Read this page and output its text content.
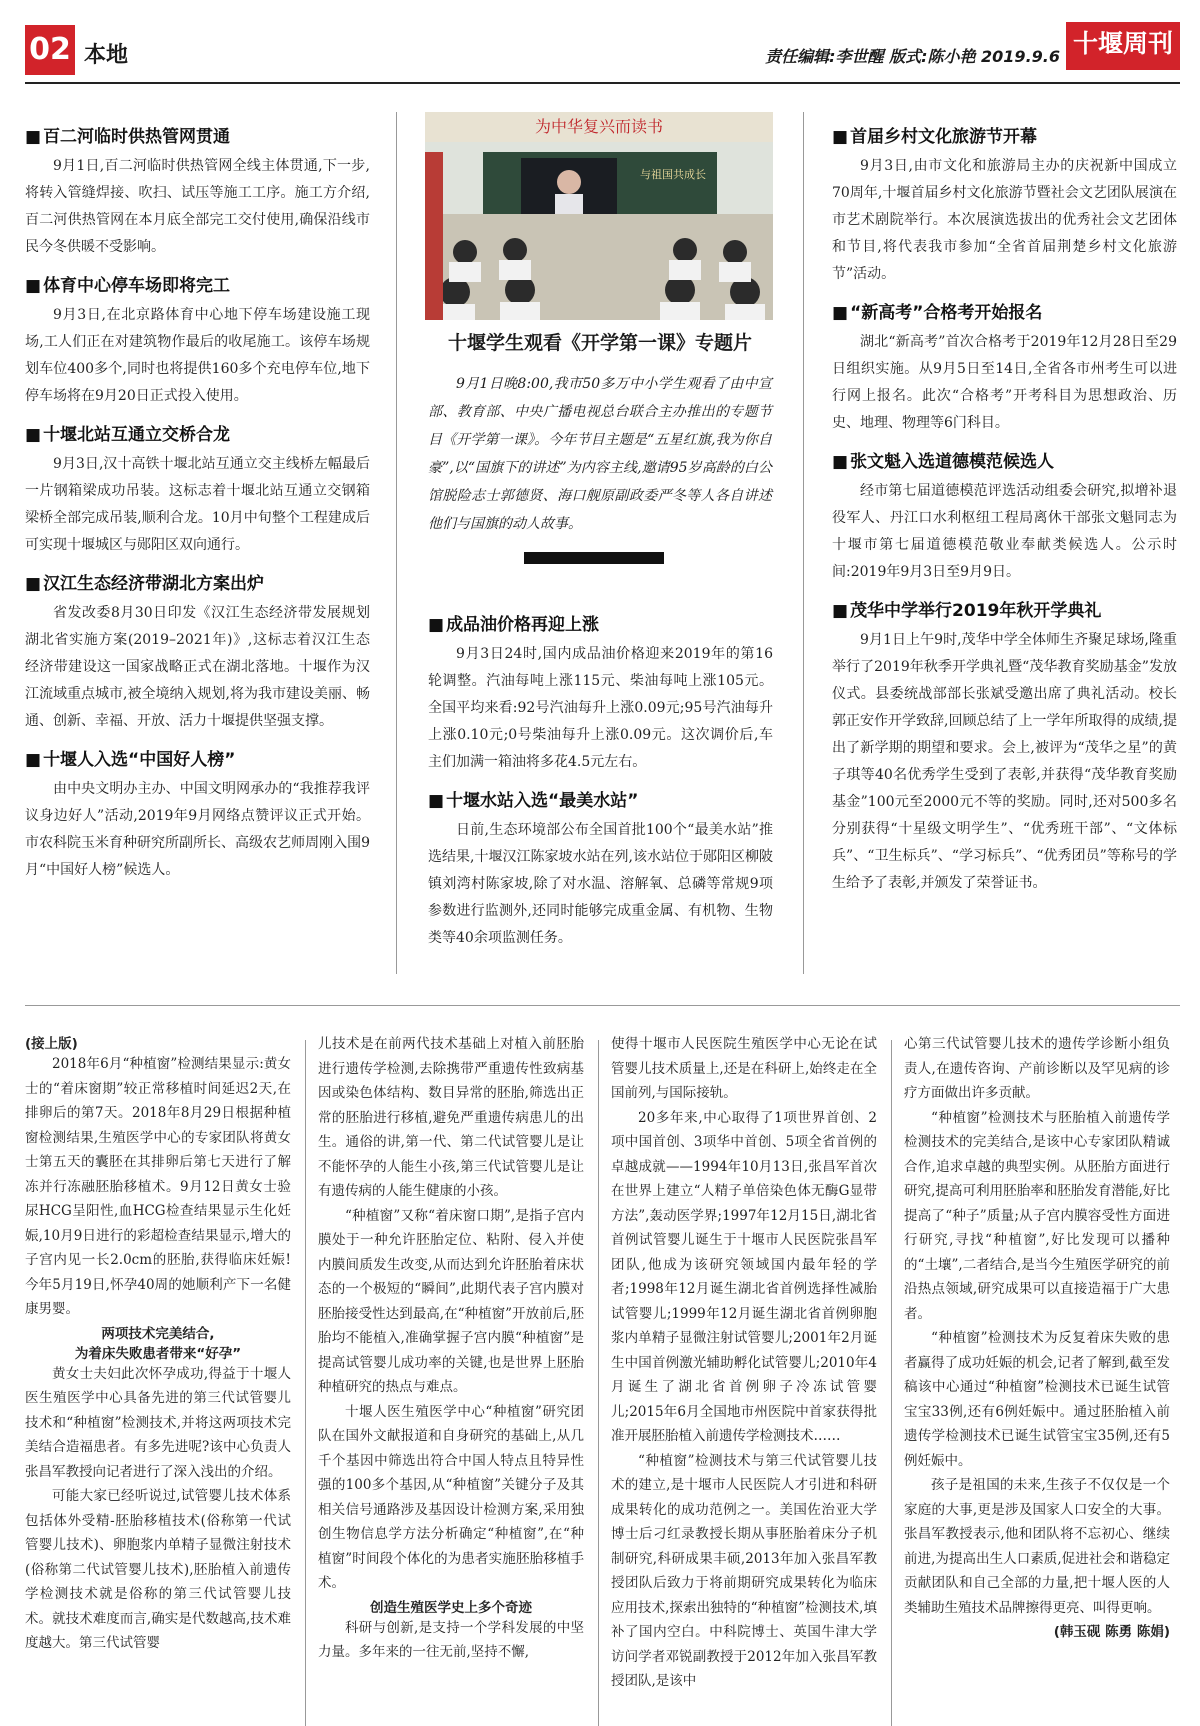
02 本地	责任编辑:李世醒 版式:陈小艳 2019.9.6 十堰周刊
■ 百二河临时供热管网贯通

9月1日,百二河临时供热管网全线主体贯通,下一步,将转入管缝焊接、吹扫、试压等施工工序。施工方介绍,百二河供热管网在本月底全部完工交付使用,确保沿线市民今冬供暖不受影响。

■ 体育中心停车场即将完工

9月3日,在北京路体育中心地下停车场建设施工现场,工人们正在对建筑物作最后的收尾施工。该停车场规划车位400多个,同时也将提供160多个充电停车位,地下停车场将在9月20日正式投入使用。

■ 十堰北站互通立交桥合龙

9月3日,汉十高铁十堰北站互通立交主线桥左幅最后一片钢箱梁成功吊装。这标志着十堰北站互通立交钢箱梁桥全部完成吊装,顺利合龙。10月中旬整个工程建成后可实现十堰城区与郧阳区双向通行。

■ 汉江生态经济带湖北方案出炉

省发改委8月30日印发《汉江生态经济带发展规划湖北省实施方案(2019–2021年)》,这标志着汉江生态经济带建设这一国家战略正式在湖北落地。十堰作为汉江流域重点城市,被全境纳入规划,将为我市建设美丽、畅通、创新、幸福、开放、活力十堰提供坚强支撑。

■ 十堰人入选“中国好人榜”

由中央文明办主办、中国文明网承办的“我推荐我评议身边好人”活动,2019年9月网络点赞评议正式开始。市农科院玉米育种研究所副所长、高级农艺师周刚入围9月“中国好人榜”候选人。

为中华复兴而读书
与祖国共成长
十堰学生观看《开学第一课》专题片

9月1日晚8:00,我市50多万中小学生观看了由中宣部、教育部、中央广播电视总台联合主办推出的专题节目《开学第一课》。今年节目主题是“五星红旗,我为你自豪”,以“国旗下的讲述”为内容主线,邀请95岁高龄的白公馆脱险志士郭德贤、海口舰原副政委严冬等人各自讲述他们与国旗的动人故事。

■ 成品油价格再迎上涨

9月3日24时,国内成品油价格迎来2019年的第16轮调整。汽油每吨上涨115元、柴油每吨上涨105元。全国平均来看:92号汽油每升上涨0.09元;95号汽油每升上涨0.10元;0号柴油每升上涨0.09元。这次调价后,车主们加满一箱油将多花4.5元左右。

■ 十堰水站入选“最美水站”

日前,生态环境部公布全国首批100个“最美水站”推选结果,十堰汉江陈家坡水站在列,该水站位于郧阳区柳陂镇刘湾村陈家坡,除了对水温、溶解氧、总磷等常规9项参数进行监测外,还同时能够完成重金属、有机物、生物类等40余项监测任务。

■ 首届乡村文化旅游节开幕

9月3日,由市文化和旅游局主办的庆祝新中国成立70周年,十堰首届乡村文化旅游节暨社会文艺团队展演在市艺术剧院举行。本次展演选拔出的优秀社会文艺团体和节目,将代表我市参加“全省首届荆楚乡村文化旅游节”活动。

■ “新高考”合格考开始报名

湖北“新高考”首次合格考于2019年12月28日至29日组织实施。从9月5日至14日,全省各市州考生可以进行网上报名。此次“合格考”开考科目为思想政治、历史、地理、物理等6门科目。

■ 张文魁入选道德模范候选人

经市第七届道德模范评选活动组委会研究,拟增补退役军人、丹江口水利枢纽工程局离休干部张文魁同志为十堰市第七届道德模范敬业奉献类候选人。公示时间:2019年9月3日至9月9日。

■ 茂华中学举行2019年秋开学典礼

9月1日上午9时,茂华中学全体师生齐聚足球场,隆重举行了2019年秋季开学典礼暨“茂华教育奖励基金”发放仪式。县委统战部部长张斌受邀出席了典礼活动。校长郭正安作开学致辞,回顾总结了上一学年所取得的成绩,提出了新学期的期望和要求。会上,被评为“茂华之星”的黄子琪等40名优秀学生受到了表彰,并获得“茂华教育奖励基金”100元至2000元不等的奖励。同时,还对500多名分别获得“十星级文明学生”、“优秀班干部”、“文体标兵”、“卫生标兵”、“学习标兵”、“优秀团员”等称号的学生给予了表彰,并颁发了荣誉证书。

(接上版)

2018年6月“种植窗”检测结果显示:黄女士的“着床窗期”较正常移植时间延迟2天,在排卵后的第7天。2018年8月29日根据种植窗检测结果,生殖医学中心的专家团队将黄女士第五天的囊胚在其排卵后第七天进行了解冻并行冻融胚胎移植术。9月12日黄女士验尿HCG呈阳性,血HCG检查结果显示生化妊娠,10月9日进行的彩超检查结果显示,增大的子宫内见一长2.0cm的胚胎,获得临床妊娠!今年5月19日,怀孕40周的她顺利产下一名健康男婴。

两项技术完美结合,

为着床失败患者带来“好孕”

黄女士夫妇此次怀孕成功,得益于十堰人医生殖医学中心具备先进的第三代试管婴儿技术和“种植窗”检测技术,并将这两项技术完美结合造福患者。有多先进呢?该中心负责人张昌军教授向记者进行了深入浅出的介绍。

可能大家已经听说过,试管婴儿技术体系包括体外受精-胚胎移植技术(俗称第一代试管婴儿技术)、卵胞浆内单精子显微注射技术(俗称第二代试管婴儿技术),胚胎植入前遗传学检测技术就是俗称的第三代试管婴儿技术。就技术难度而言,确实是代数越高,技术难度越大。第三代试管婴

儿技术是在前两代技术基础上对植入前胚胎进行遗传学检测,去除携带严重遗传性致病基因或染色体结构、数目异常的胚胎,筛选出正常的胚胎进行移植,避免严重遗传病患儿的出生。通俗的讲,第一代、第二代试管婴儿是让不能怀孕的人能生小孩,第三代试管婴儿是让有遗传病的人能生健康的小孩。

“种植窗”又称“着床窗口期”,是指子宫内膜处于一种允许胚胎定位、粘附、侵入并使内膜间质发生改变,从而达到允许胚胎着床状态的一个极短的“瞬间”,此期代表子宫内膜对胚胎接受性达到最高,在“种植窗”开放前后,胚胎均不能植入,准确掌握子宫内膜“种植窗”是提高试管婴儿成功率的关键,也是世界上胚胎种植研究的热点与难点。

十堰人医生殖医学中心“种植窗”研究团队在国外文献报道和自身研究的基础上,从几千个基因中筛选出符合中国人特点且特异性强的100多个基因,从“种植窗”关键分子及其相关信号通路涉及基因设计检测方案,采用独创生物信息学方法分析确定“种植窗”,在“种植窗”时间段个体化的为患者实施胚胎移植手术。

创造生殖医学史上多个奇迹

科研与创新,是支持一个学科发展的中坚力量。多年来的一往无前,坚持不懈,

使得十堰市人民医院生殖医学中心无论在试管婴儿技术质量上,还是在科研上,始终走在全国前列,与国际接轨。

20多年来,中心取得了1项世界首创、2项中国首创、3项华中首创、5项全省首例的卓越成就——1994年10月13日,张昌军首次在世界上建立“人精子单倍染色体无酶G显带方法”,轰动医学界;1997年12月15日,湖北省首例试管婴儿诞生于十堰市人民医院张昌军团队,他成为该研究领域国内最年轻的学者;1998年12月诞生湖北省首例选择性减胎试管婴儿;1999年12月诞生湖北省首例卵胞浆内单精子显微注射试管婴儿;2001年2月诞生中国首例激光辅助孵化试管婴儿;2010年4月诞生了湖北省首例卵子冷冻试管婴儿;2015年6月全国地市州医院中首家获得批准开展胚胎植入前遗传学检测技术……

“种植窗”检测技术与第三代试管婴儿技术的建立,是十堰市人民医院人才引进和科研成果转化的成功范例之一。美国佐治亚大学博士后刁红录教授长期从事胚胎着床分子机制研究,科研成果丰硕,2013年加入张昌军教授团队后致力于将前期研究成果转化为临床应用技术,探索出独特的“种植窗”检测技术,填补了国内空白。中科院博士、英国牛津大学访问学者邓锐副教授于2012年加入张昌军教授团队,是该中

心第三代试管婴儿技术的遗传学诊断小组负责人,在遗传咨询、产前诊断以及罕见病的诊疗方面做出许多贡献。

“种植窗”检测技术与胚胎植入前遗传学检测技术的完美结合,是该中心专家团队精诚合作,追求卓越的典型实例。从胚胎方面进行研究,提高可利用胚胎率和胚胎发育潜能,好比提高了“种子”质量;从子宫内膜容受性方面进行研究,寻找“种植窗”,好比发现可以播种的“土壤”,二者结合,是当今生殖医学研究的前沿热点领域,研究成果可以直接造福于广大患者。

“种植窗”检测技术为反复着床失败的患者赢得了成功妊娠的机会,记者了解到,截至发稿该中心通过“种植窗”检测技术已诞生试管宝宝33例,还有6例妊娠中。通过胚胎植入前遗传学检测技术已诞生试管宝宝35例,还有5例妊娠中。

孩子是祖国的未来,生孩子不仅仅是一个家庭的大事,更是涉及国家人口安全的大事。张昌军教授表示,他和团队将不忘初心、继续前进,为提高出生人口素质,促进社会和谐稳定贡献团队和自己全部的力量,把十堰人医的人类辅助生殖技术品牌擦得更亮、叫得更响。

(韩玉砚 陈勇 陈娟)
